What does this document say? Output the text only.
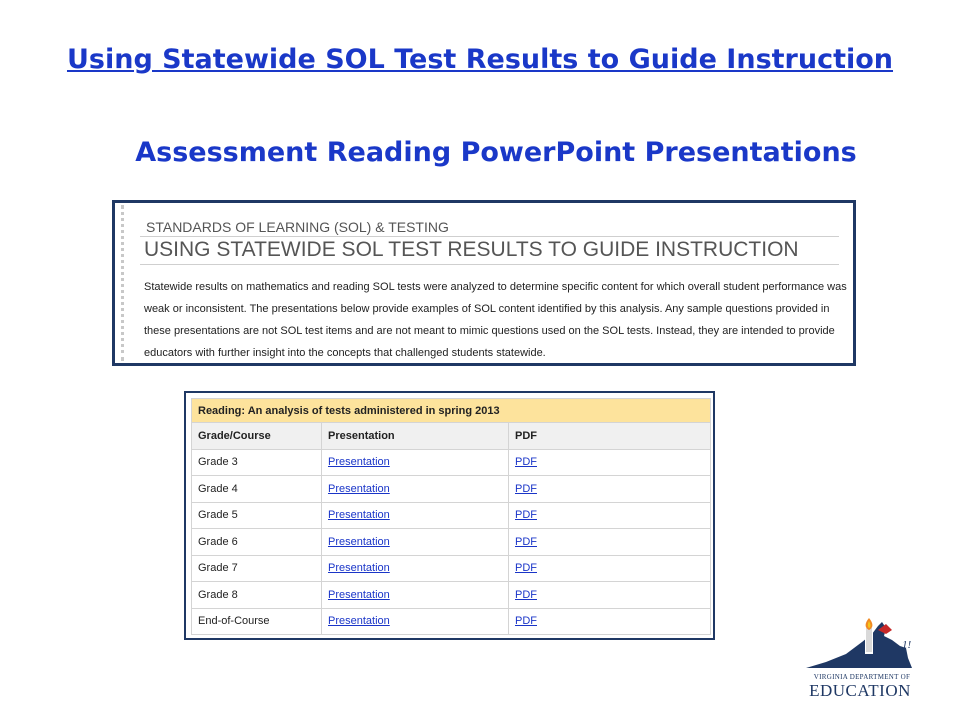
Using Statewide SOL Test Results to Guide Instruction
Assessment Reading PowerPoint Presentations
STANDARDS OF LEARNING (SOL) & TESTING
USING STATEWIDE SOL TEST RESULTS TO GUIDE INSTRUCTION
Statewide results on mathematics and reading SOL tests were analyzed to determine specific content for which overall student performance was weak or inconsistent. The presentations below provide examples of SOL content identified by this analysis. Any sample questions provided in these presentations are not SOL test items and are not meant to mimic questions used on the SOL tests. Instead, they are intended to provide educators with further insight into the concepts that challenged students statewide.
Reading: An analysis of tests administered in spring 2013		
Grade/Course	Presentation	PDF
Grade 3	Presentation	PDF
Grade 4	Presentation	PDF
Grade 5	Presentation	PDF
Grade 6	Presentation	PDF
Grade 7	Presentation	PDF
Grade 8	Presentation	PDF
End-of-Course	Presentation	PDF
1!
VIRGINIA DEPARTMENT OF
EDUCATION
